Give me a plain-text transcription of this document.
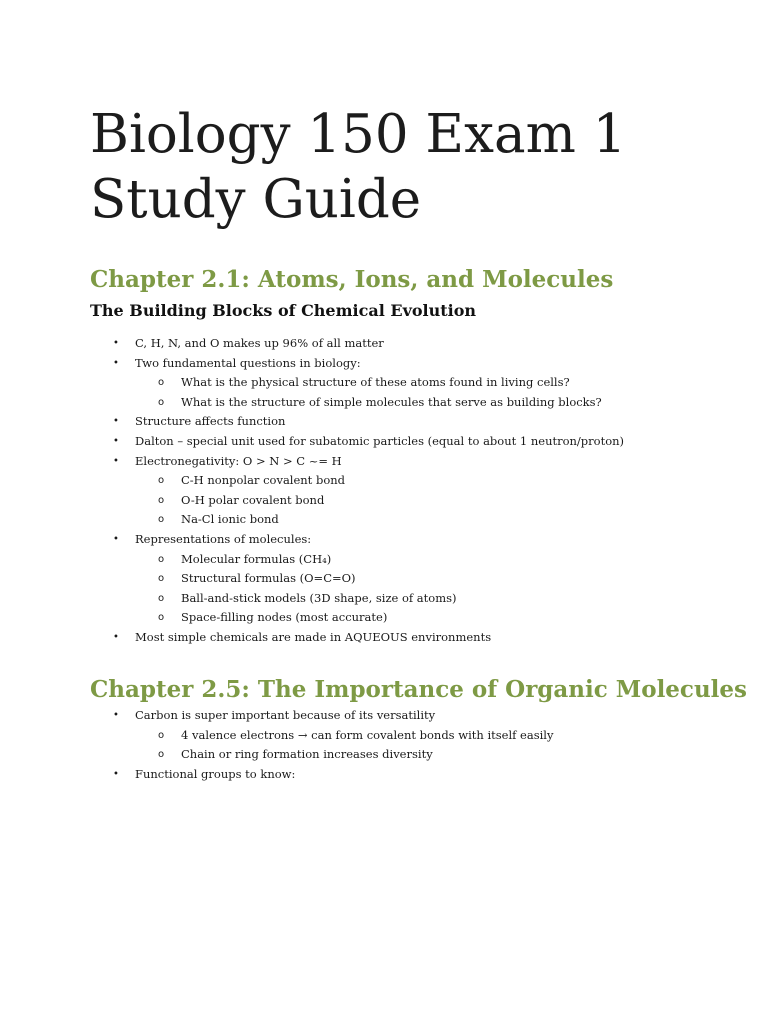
Biology 150 Exam 1
Study Guide
Chapter 2.1: Atoms, Ions, and Molecules
The Building Blocks of Chemical Evolution
• C, H, N, and O makes up 96% of all matter
• Two fundamental questions in biology:
o What is the physical structure of these atoms found in living cells?
o What is the structure of simple molecules that serve as building blocks?
• Structure affects function
• Dalton – special unit used for subatomic particles (equal to about 1 neutron/proton)
• Electronegativity: O > N > C ~= H
o C-H nonpolar covalent bond
o O-H polar covalent bond
o Na-Cl ionic bond
• Representations of molecules:
o Molecular formulas (CH₄)
o Structural formulas (O=C=O)
o Ball-and-stick models (3D shape, size of atoms)
o Space-filling nodes (most accurate)
• Most simple chemicals are made in AQUEOUS environments
Chapter 2.5: The Importance of Organic Molecules
• Carbon is super important because of its versatility
o 4 valence electrons → can form covalent bonds with itself easily
o Chain or ring formation increases diversity
• Functional groups to know:
